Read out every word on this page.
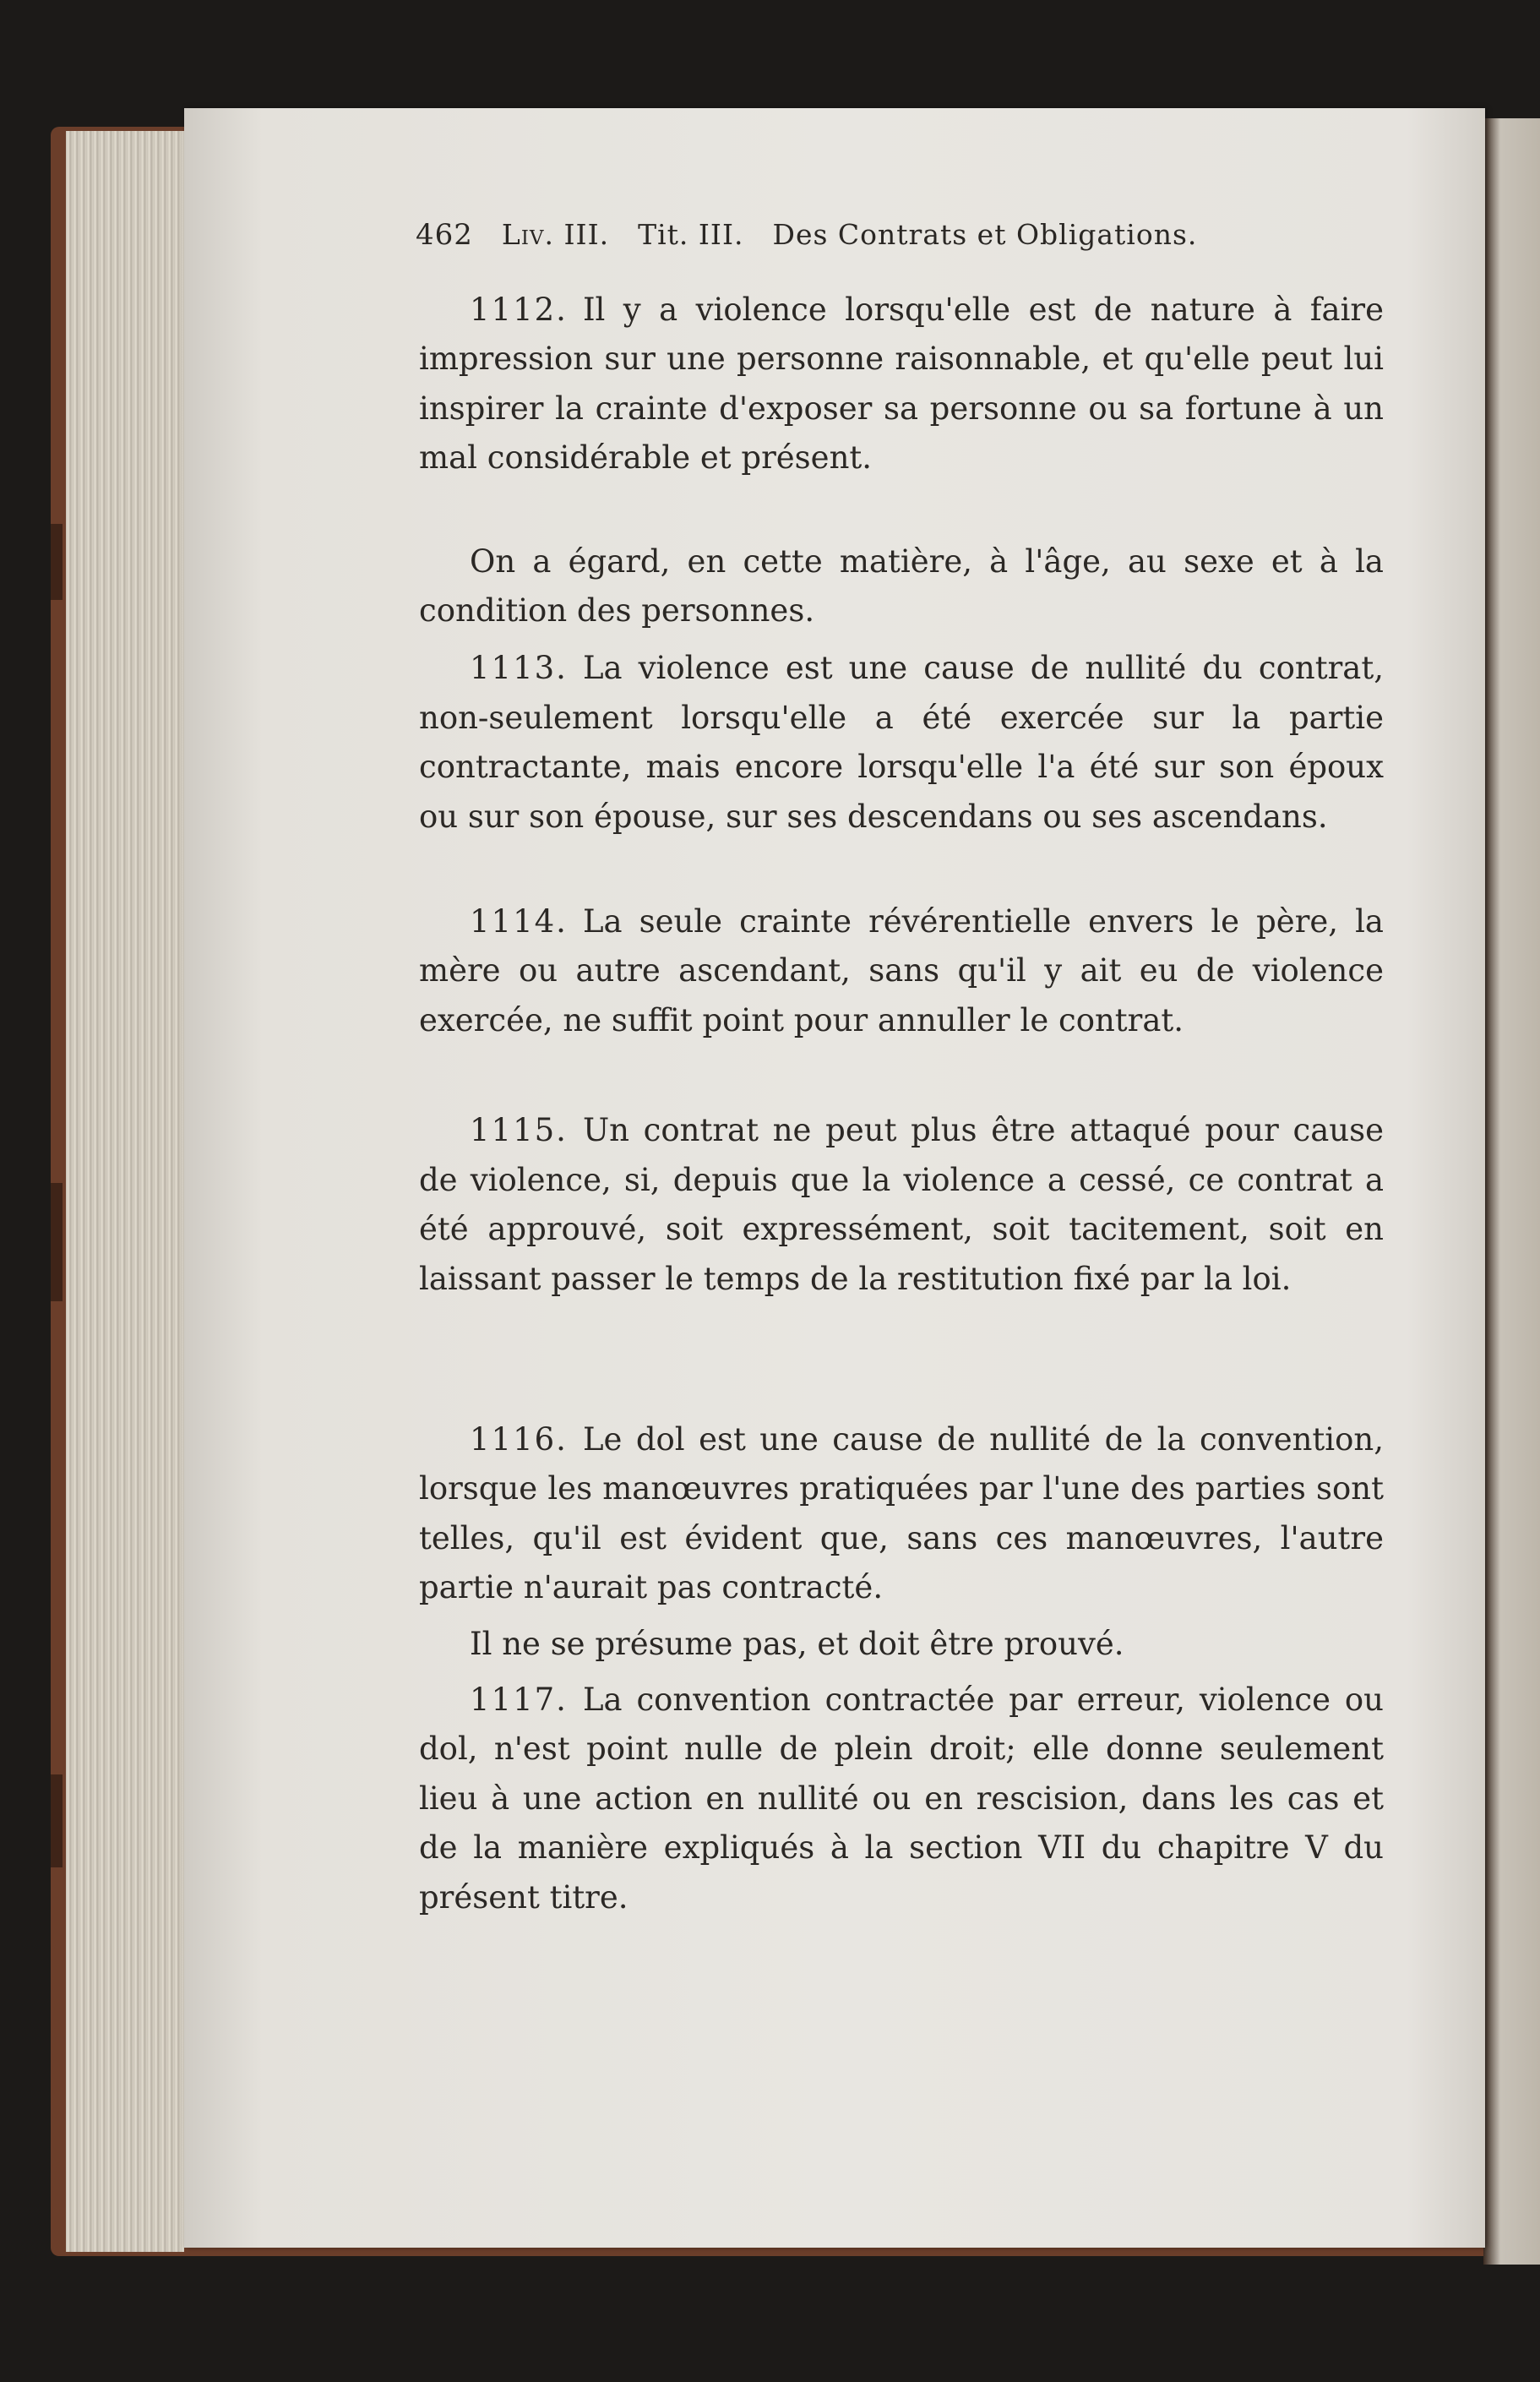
462 Liv. III. Tit. III. Des Contrats et Obligations.

1112. Il y a violence lorsqu'elle est de nature à faire impression sur une personne raisonnable, et qu'elle peut lui inspirer la crainte d'exposer sa personne ou sa fortune à un mal considérable et présent.

On a égard, en cette matière, à l'âge, au sexe et à la condition des personnes.

1113. La violence est une cause de nullité du contrat, non-seulement lorsqu'elle a été exercée sur la partie contractante, mais encore lorsqu'elle l'a été sur son époux ou sur son épouse, sur ses descendans ou ses ascendans.

1114. La seule crainte révérentielle envers le père, la mère ou autre ascendant, sans qu'il y ait eu de violence exercée, ne suffit point pour annuller le contrat.

1115. Un contrat ne peut plus être attaqué pour cause de violence, si, depuis que la violence a cessé, ce contrat a été approuvé, soit expressément, soit tacitement, soit en laissant passer le temps de la restitution fixé par la loi.

1116. Le dol est une cause de nullité de la convention, lorsque les manœuvres pratiquées par l'une des parties sont telles, qu'il est évident que, sans ces manœuvres, l'autre partie n'aurait pas contracté.

Il ne se présume pas, et doit être prouvé.

1117. La convention contractée par erreur, violence ou dol, n'est point nulle de plein droit; elle donne seulement lieu à une action en nullité ou en rescision, dans les cas et de la manière expliqués à la section VII du chapitre V du présent titre.
